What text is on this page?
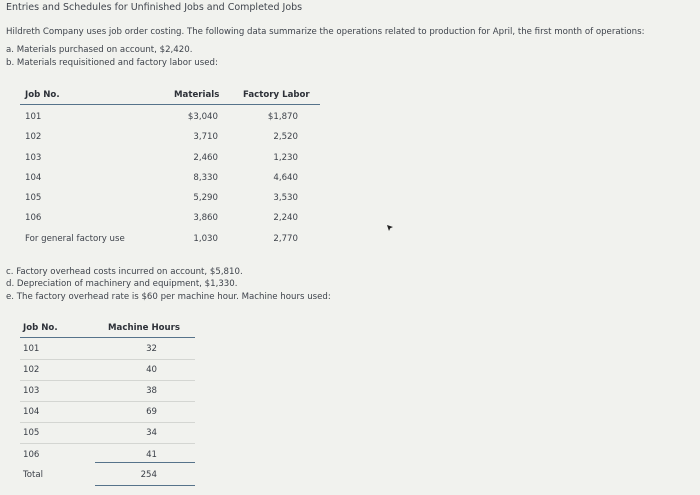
Entries and Schedules for Unfinished Jobs and Completed Jobs
Hildreth Company uses job order costing. The following data summarize the operations related to production for April, the first month of operations:
a. Materials purchased on account, $2,420.
b. Materials requisitioned and factory labor used:
Job No.	Materials	Factory Labor
101	$3,040	$1,870
102	3,710	2,520
103	2,460	1,230
104	8,330	4,640
105	5,290	3,530
106	3,860	2,240
For general factory use	1,030	2,770
c. Factory overhead costs incurred on account, $5,810.
d. Depreciation of machinery and equipment, $1,330.
e. The factory overhead rate is $60 per machine hour. Machine hours used:
Job No.	Machine Hours
101	32
102	40
103	38
104	69
105	34
106	41
Total	254
